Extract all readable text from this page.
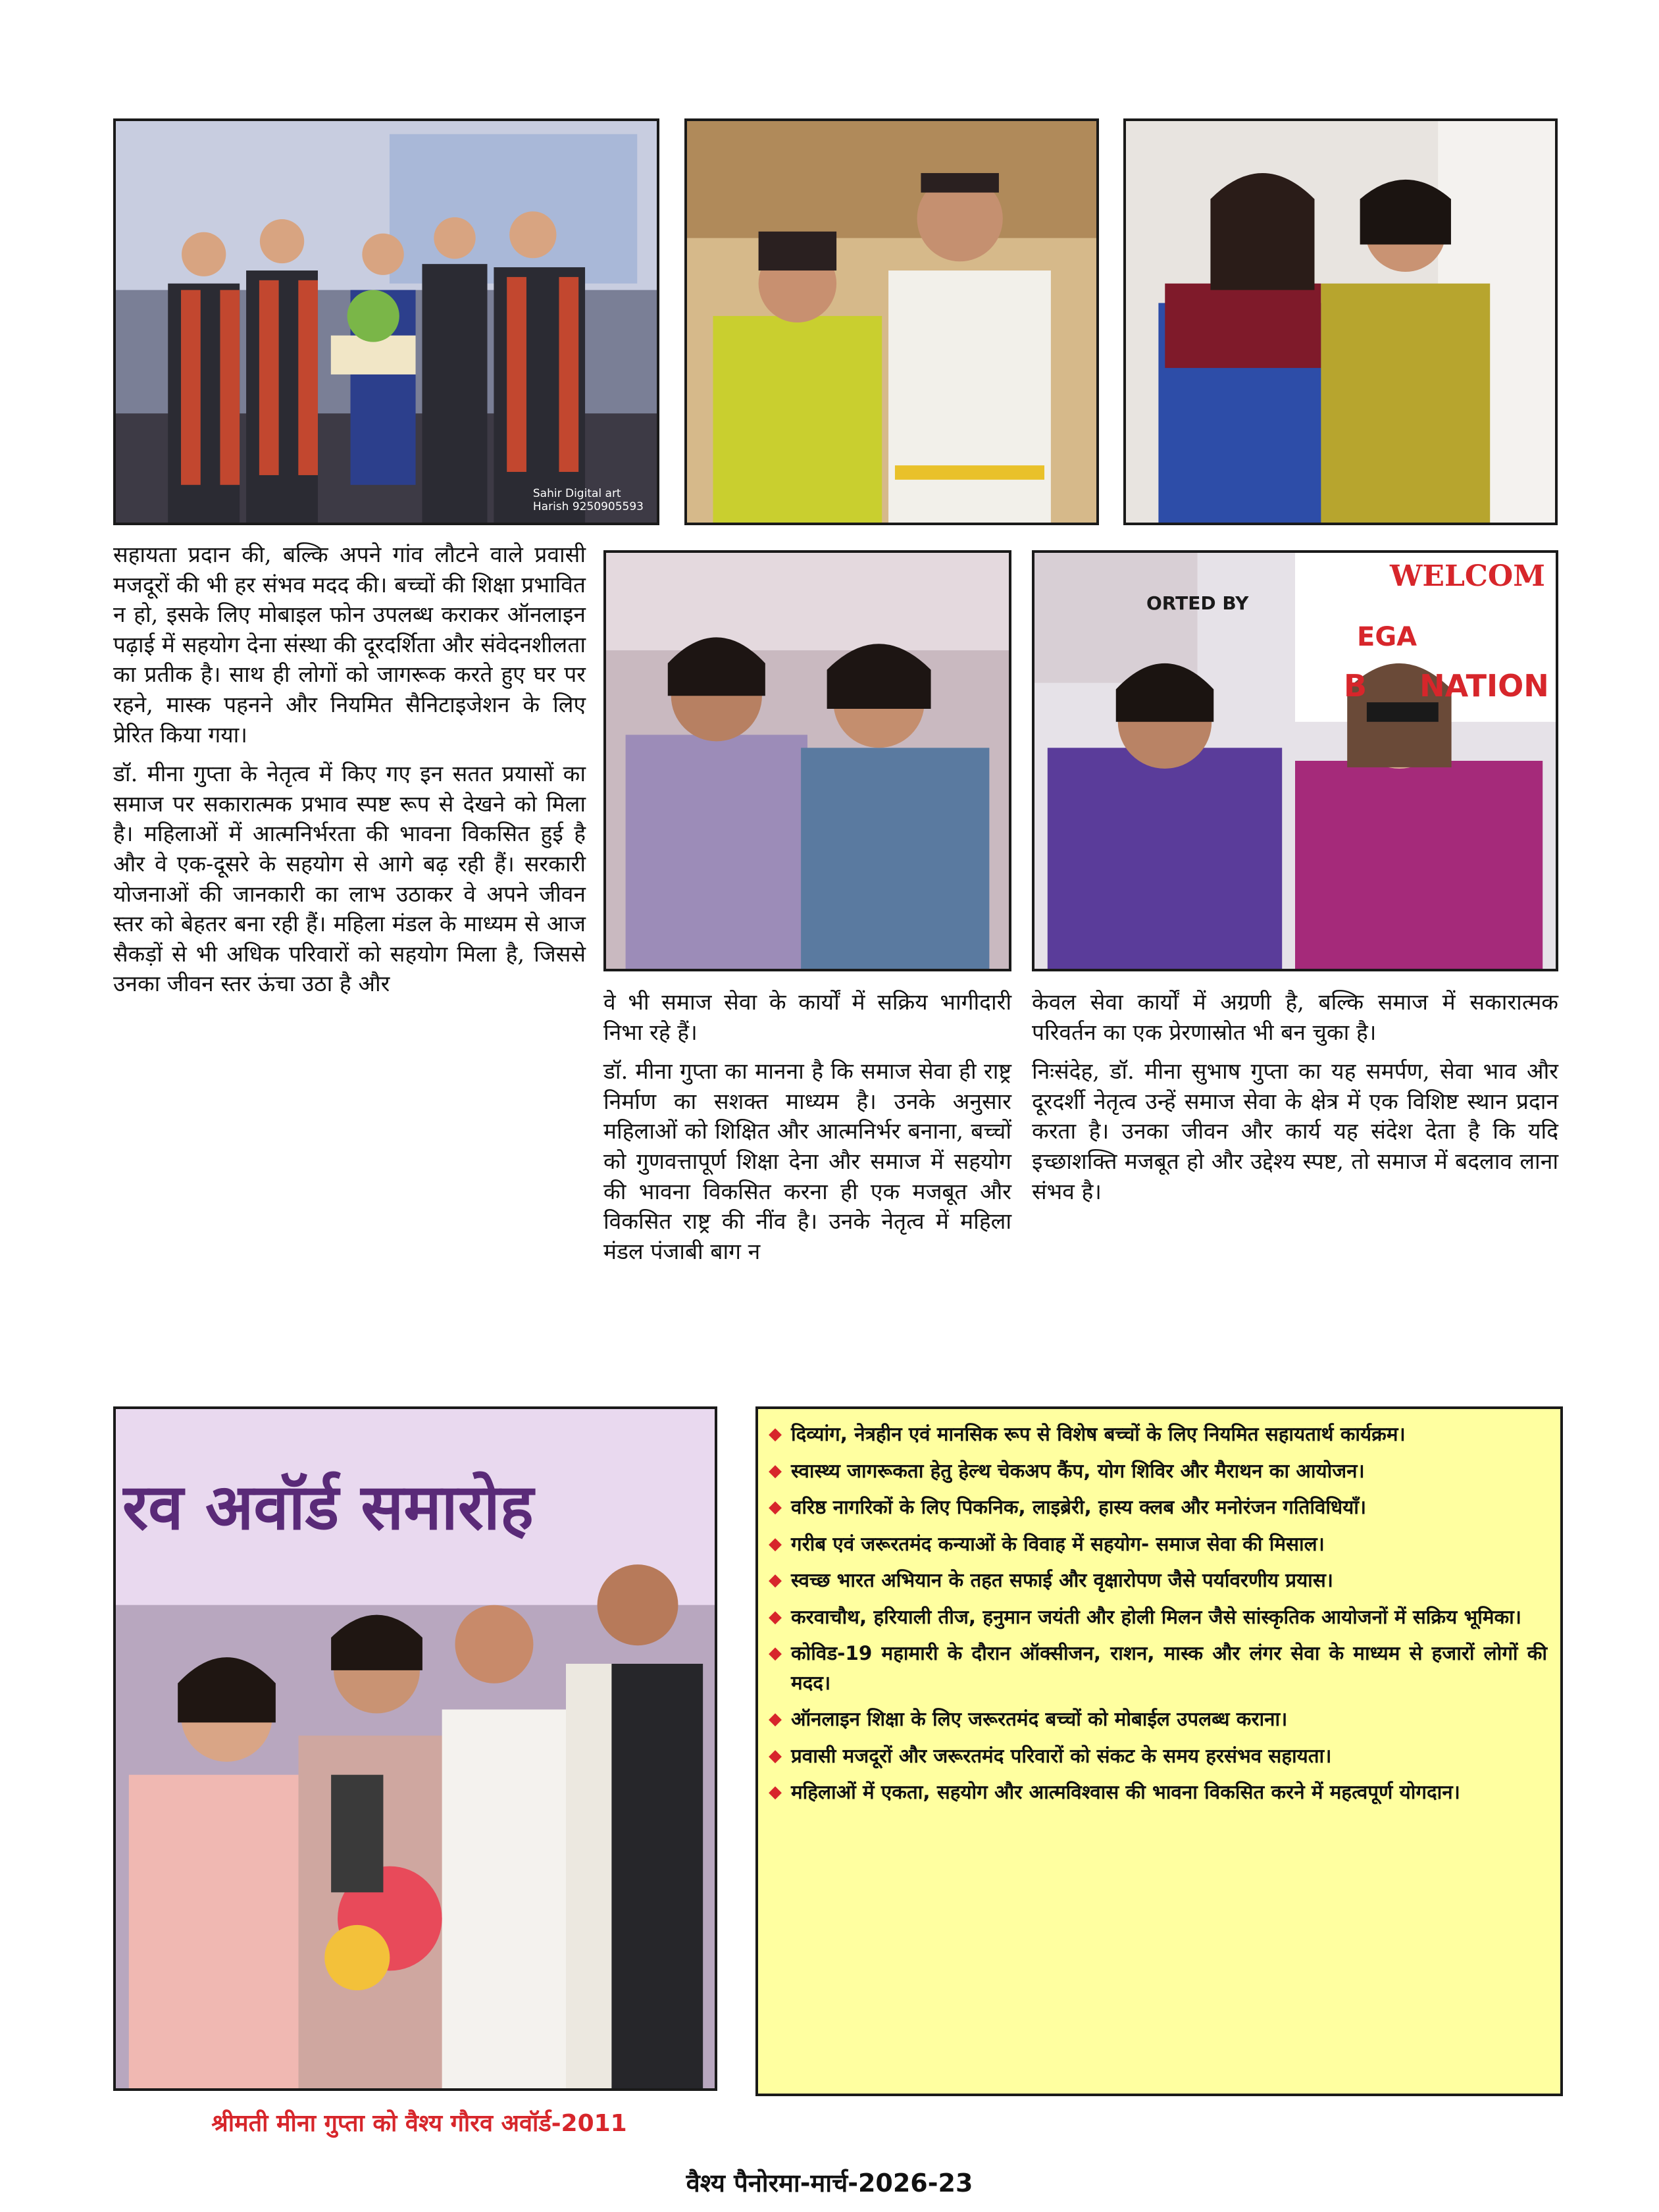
Sahir Digital art
Harish 9250905593
WELCOM
ORTED BY
EGA
B     NATION

सहायता प्रदान की, बल्कि अपने गांव लौटने वाले प्रवासी मजदूरों की भी हर संभव मदद की। बच्चों की शिक्षा प्रभावित न हो, इसके लिए मोबाइल फोन उपलब्ध कराकर ऑनलाइन पढ़ाई में सहयोग देना संस्था की दूरदर्शिता और संवेदनशीलता का प्रतीक है। साथ ही लोगों को जागरूक करते हुए घर पर रहने, मास्क पहनने और नियमित सैनिटाइजेशन के लिए प्रेरित किया गया।

डॉ. मीना गुप्ता के नेतृत्व में किए गए इन सतत प्रयासों का समाज पर सकारात्मक प्रभाव स्पष्ट रूप से देखने को मिला है। महिलाओं में आत्मनिर्भरता की भावना विकसित हुई है और वे एक-दूसरे के सहयोग से आगे बढ़ रही हैं। सरकारी योजनाओं की जानकारी का लाभ उठाकर वे अपने जीवन स्तर को बेहतर बना रही हैं। महिला मंडल के माध्यम से आज सैकड़ों से भी अधिक परिवारों को सहयोग मिला है, जिससे उनका जीवन स्तर ऊंचा उठा है और

वे भी समाज सेवा के कार्यों में सक्रिय भागीदारी निभा रहे हैं।

डॉ. मीना गुप्ता का मानना है कि समाज सेवा ही राष्ट्र निर्माण का सशक्त माध्यम है। उनके अनुसार महिलाओं को शिक्षित और आत्मनिर्भर बनाना, बच्चों को गुणवत्तापूर्ण शिक्षा देना और समाज में सहयोग की भावना विकसित करना ही एक मजबूत और विकसित राष्ट्र की नींव है। उनके नेतृत्व में महिला मंडल पंजाबी बाग न

केवल सेवा कार्यों में अग्रणी है, बल्कि समाज में सकारात्मक परिवर्तन का एक प्रेरणास्रोत भी बन चुका है।

निःसंदेह, डॉ. मीना सुभाष गुप्ता का यह समर्पण, सेवा भाव और दूरदर्शी नेतृत्व उन्हें समाज सेवा के क्षेत्र में एक विशिष्ट स्थान प्रदान करता है। उनका जीवन और कार्य यह संदेश देता है कि यदि इच्छाशक्ति मजबूत हो और उद्देश्य स्पष्ट, तो समाज में बदलाव लाना संभव है।

रव अवॉर्ड समारोह
◆ दिव्यांग, नेत्रहीन एवं मानसिक रूप से विशेष बच्चों के लिए नियमित सहायतार्थ कार्यक्रम।
◆ स्वास्थ्य जागरूकता हेतु हेल्थ चेकअप कैंप, योग शिविर और मैराथन का आयोजन।
◆ वरिष्ठ नागरिकों के लिए पिकनिक, लाइब्रेरी, हास्य क्लब और मनोरंजन गतिविधियाँ।
◆ गरीब एवं जरूरतमंद कन्याओं के विवाह में सहयोग- समाज सेवा की मिसाल।
◆ स्वच्छ भारत अभियान के तहत सफाई और वृक्षारोपण जैसे पर्यावरणीय प्रयास।
◆ करवाचौथ, हरियाली तीज, हनुमान जयंती और होली मिलन जैसे सांस्कृतिक आयोजनों में सक्रिय भूमिका।
◆ कोविड-19 महामारी के दौरान ऑक्सीजन, राशन, मास्क और लंगर सेवा के माध्यम से हजारों लोगों की मदद।
◆ ऑनलाइन शिक्षा के लिए जरूरतमंद बच्चों को मोबाईल उपलब्ध कराना।
◆ प्रवासी मजदूरों और जरूरतमंद परिवारों को संकट के समय हरसंभव सहायता।
◆ महिलाओं में एकता, सहयोग और आत्मविश्वास की भावना विकसित करने में महत्वपूर्ण योगदान।
श्रीमती मीना गुप्ता को वैश्य गौरव अवॉर्ड-2011
वैश्य पैनोरमा-मार्च-2026-23
